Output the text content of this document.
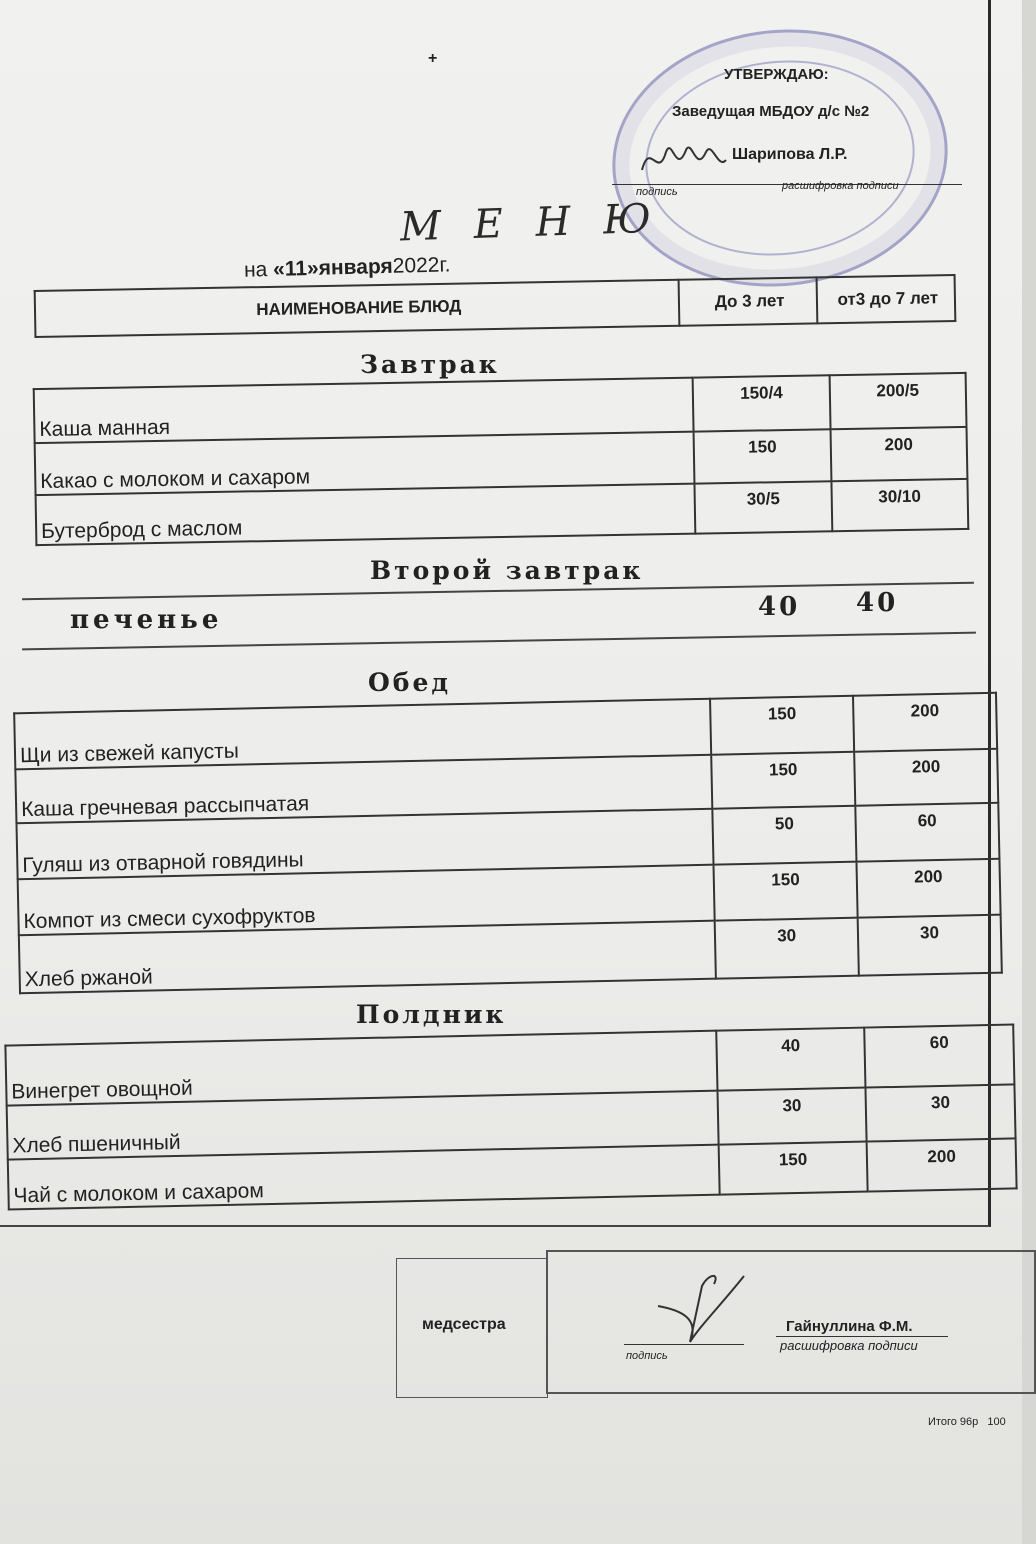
+
УТВЕРЖДАЮ:
Заведущая МБДОУ д/с №2
Шарипова Л.Р.
подпись	расшифровка подписи
М Е Н Ю
на «11»января2022г.
НАИМЕНОВАНИЕ БЛЮД	До 3 лет	от3 до 7 лет
Завтрак
Каша манная	150/4	200/5
Какао с молоком и сахаром	150	200
Бутерброд с маслом	30/5	30/10
Второй завтрак
печенье	40 40
Обед
Щи из свежей капусты	150	200
Каша гречневая рассыпчатая	150	200
Гуляш из отварной говядины	50	60
Компот из смеси сухофруктов	150	200
Хлеб ржаной	30	30
Полдник
Винегрет овощной	40	60
Хлеб пшеничный	30	30
Чай с молоком и сахаром	150	200
медсестра
подпись
Гайнуллина Ф.М.
расшифровка подписи
Итого 96р   100
